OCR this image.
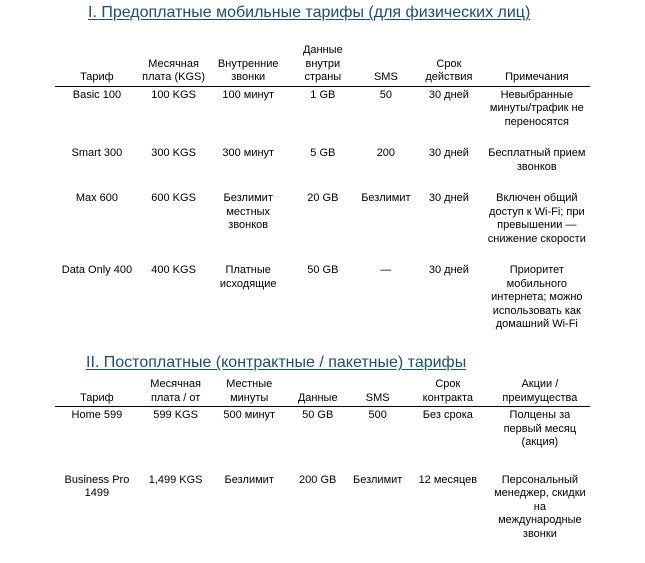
I. Предоплатные мобильные тарифы (для физических лиц)
Тариф	Месячная плата (KGS)	Внутренние звонки	Данные внутри страны	SMS	Срок действия	Примечания
Basic 100	100 KGS	100 минут	1 GB	50	30 дней	Невыбранные минуты/трафик не переносятся
Smart 300	300 KGS	300 минут	5 GB	200	30 дней	Бесплатный прием звонков
Max 600	600 KGS	Безлимит местных звонков	20 GB	Безлимит	30 дней	Включен общий доступ к Wi-Fi; при превышении — снижение скорости
Data Only 400	400 KGS	Платные исходящие	50 GB	—	30 дней	Приоритет мобильного интернета; можно использовать как домашний Wi-Fi
II. Постоплатные (контрактные / пакетные) тарифы
Тариф	Месячная плата / от	Местные минуты	Данные	SMS	Срок контракта	Акции / преимущества
Home 599	599 KGS	500 минут	50 GB	500	Без срока	Полцены за первый месяц (акция)
Business Pro 1499	1,499 KGS	Безлимит	200 GB	Безлимит	12 месяцев	Персональный менеджер, скидки на международные звонки
